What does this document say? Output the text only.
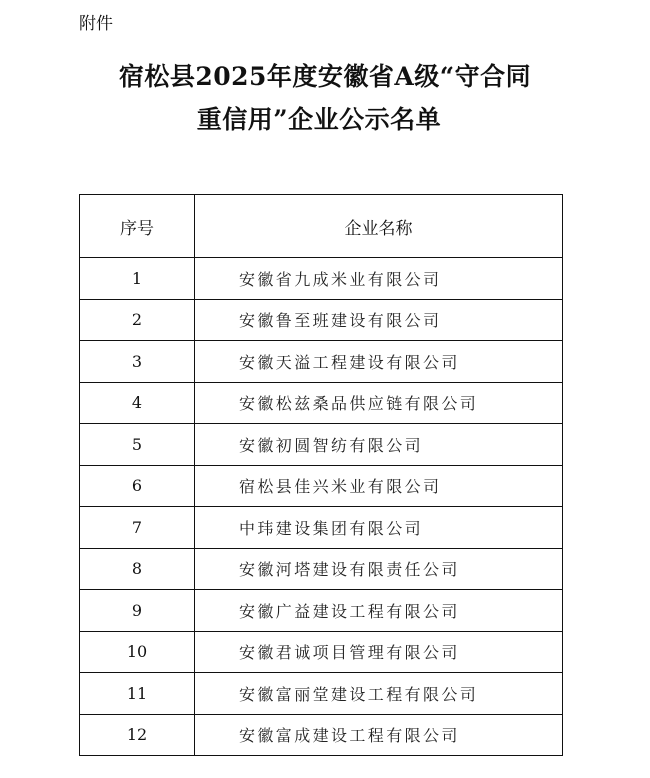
附件
宿松县2025年度安徽省A级“守合同
重信用”企业公示名单
序号	企业名称
1	安徽省九成米业有限公司
2	安徽鲁至班建设有限公司
3	安徽天溢工程建设有限公司
4	安徽松兹桑品供应链有限公司
5	安徽初圆智纺有限公司
6	宿松县佳兴米业有限公司
7	中玮建设集团有限公司
8	安徽河塔建设有限责任公司
9	安徽广益建设工程有限公司
10	安徽君诚项目管理有限公司
11	安徽富丽堂建设工程有限公司
12	安徽富成建设工程有限公司
